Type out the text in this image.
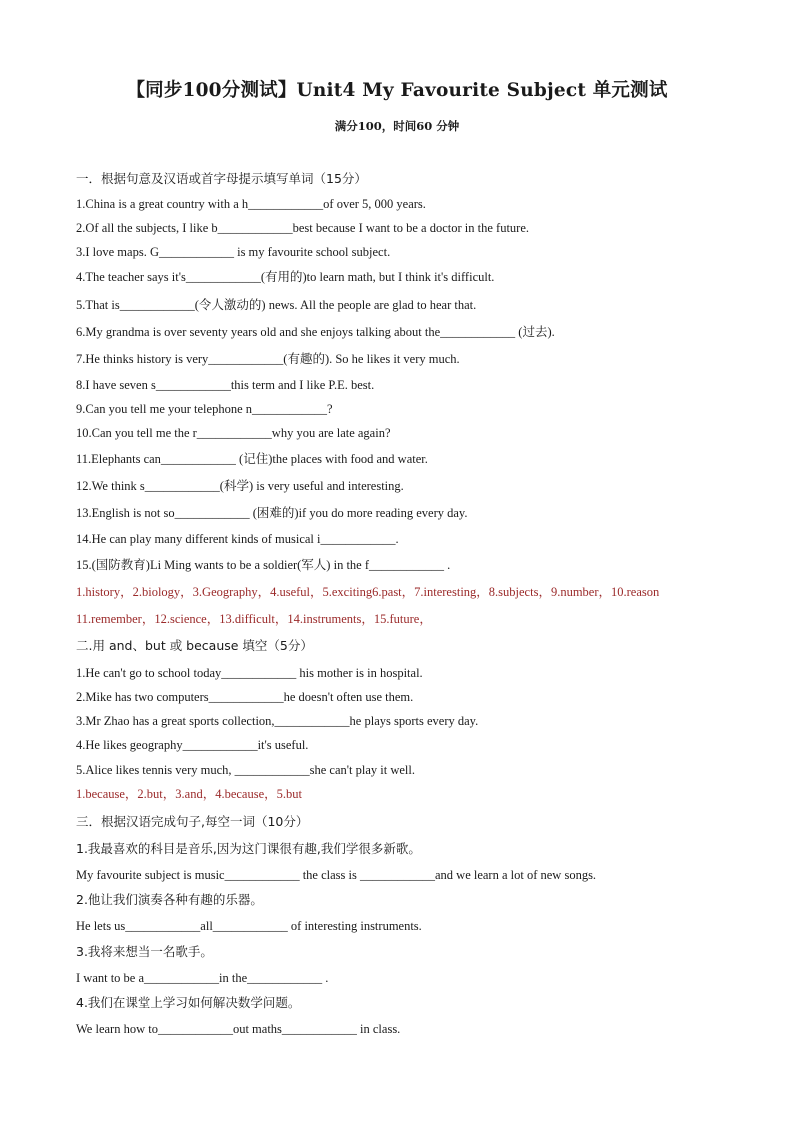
【同步100分测试】Unit4 My Favourite Subject 单元测试
满分100，时间60 分钟
一．根据句意及汉语或首字母提示填写单词（15分）
1.China is a great country with a h____________of over 5, 000 years.
2.Of all the subjects, I like b____________best because I want to be a doctor in the future.
3.I love maps. G____________ is my favourite school subject.
4.The teacher says it's____________(有用的)to learn math, but I think it's difficult.
5.That is____________(令人激动的) news. All the people are glad to hear that.
6.My grandma is over seventy years old and she enjoys talking about the____________ (过去).
7.He thinks history is very____________(有趣的). So he likes it very much.
8.I have seven s____________this term and I like P.E. best.
9.Can you tell me your telephone n____________?
10.Can you tell me the r____________why you are late again?
11.Elephants can____________ (记住)the places with food and water.
12.We think s____________(科学) is very useful and interesting.
13.English is not so____________ (困难的)if you do more reading every day.
14.He can play many different kinds of musical i____________.
15.(国防教育)Li Ming wants to be a soldier(军人) in the f____________ .
1.history，2.biology，3.Geography，4.useful，5.exciting6.past，7.interesting，8.subjects，9.number，10.reason
11.remember，12.science，13.difficult，14.instruments，15.future，
二.用 and、but 或 because 填空（5分）
1.He can't go to school today____________ his mother is in hospital.
2.Mike has two computers____________he doesn't often use them.
3.Mr Zhao has a great sports collection,____________he plays sports every day.
4.He likes geography____________it's useful.
5.Alice likes tennis very much, ____________she can't play it well.
1.because，2.but，3.and，4.because，5.but
三．根据汉语完成句子,每空一词（10分）
1.我最喜欢的科目是音乐,因为这门课很有趣,我们学很多新歌。
My favourite subject is music____________ the class is ____________and we learn a lot of new songs.
2.他让我们演奏各种有趣的乐器。
He lets us____________all____________ of interesting instruments.
3.我将来想当一名歌手。
I want to be a____________in the____________ .
4.我们在课堂上学习如何解决数学问题。
We learn how to____________out maths____________ in class.
